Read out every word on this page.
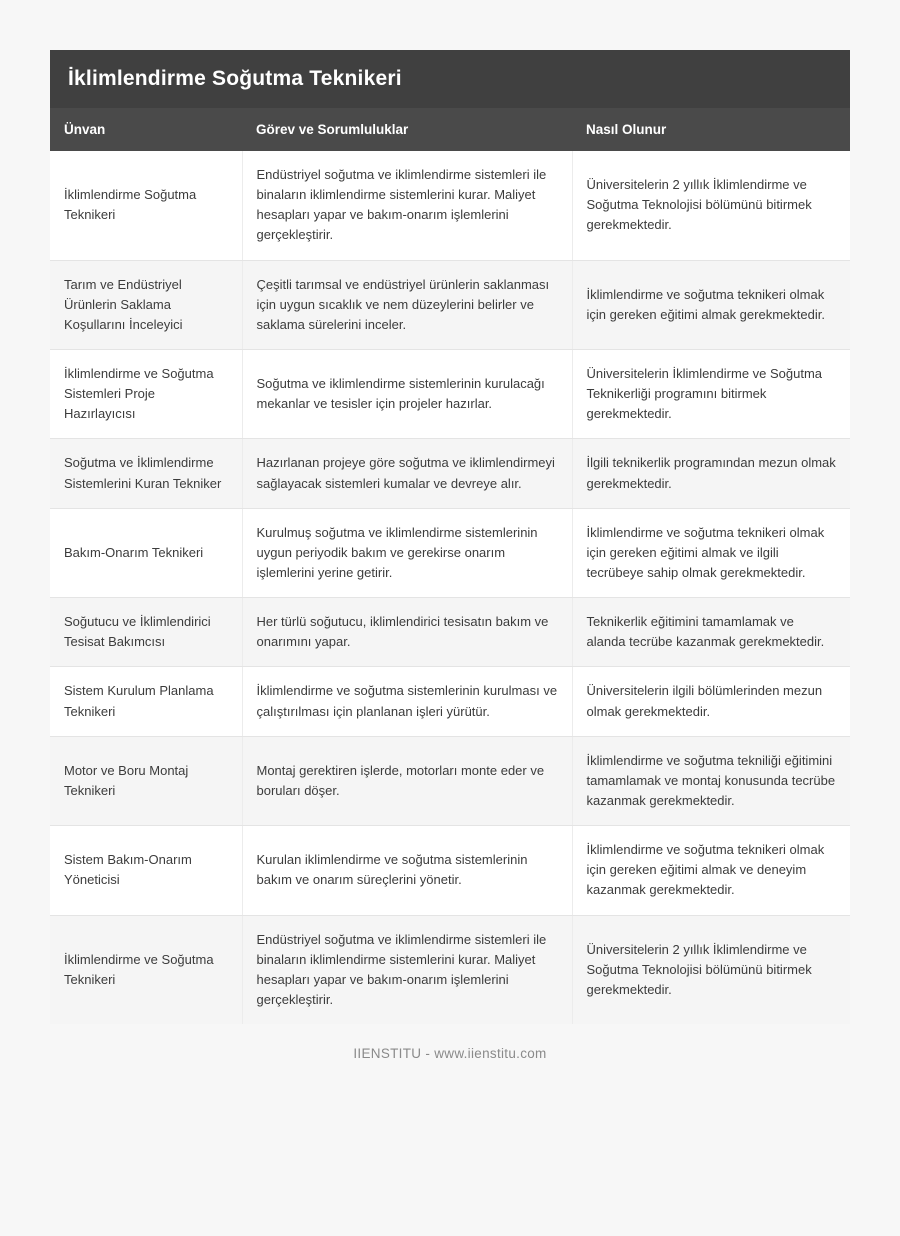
İklimlendirme Soğutma Teknikeri
Ünvan	Görev ve Sorumluluklar	Nasıl Olunur
İklimlendirme Soğutma Teknikeri	Endüstriyel soğutma ve iklimlendirme sistemleri ile binaların iklimlendirme sistemlerini kurar. Maliyet hesapları yapar ve bakım-onarım işlemlerini gerçekleştirir.	Üniversitelerin 2 yıllık İklimlendirme ve Soğutma Teknolojisi bölümünü bitirmek gerekmektedir.
Tarım ve Endüstriyel Ürünlerin Saklama Koşullarını İnceleyici	Çeşitli tarımsal ve endüstriyel ürünlerin saklanması için uygun sıcaklık ve nem düzeylerini belirler ve saklama sürelerini inceler.	İklimlendirme ve soğutma teknikeri olmak için gereken eğitimi almak gerekmektedir.
İklimlendirme ve Soğutma Sistemleri Proje Hazırlayıcısı	Soğutma ve iklimlendirme sistemlerinin kurulacağı mekanlar ve tesisler için projeler hazırlar.	Üniversitelerin İklimlendirme ve Soğutma Teknikerliği programını bitirmek gerekmektedir.
Soğutma ve İklimlendirme Sistemlerini Kuran Tekniker	Hazırlanan projeye göre soğutma ve iklimlendirmeyi sağlayacak sistemleri kumalar ve devreye alır.	İlgili teknikerlik programından mezun olmak gerekmektedir.
Bakım-Onarım Teknikeri	Kurulmuş soğutma ve iklimlendirme sistemlerinin uygun periyodik bakım ve gerekirse onarım işlemlerini yerine getirir.	İklimlendirme ve soğutma teknikeri olmak için gereken eğitimi almak ve ilgili tecrübeye sahip olmak gerekmektedir.
Soğutucu ve İklimlendirici Tesisat Bakımcısı	Her türlü soğutucu, iklimlendirici tesisatın bakım ve onarımını yapar.	Teknikerlik eğitimini tamamlamak ve alanda tecrübe kazanmak gerekmektedir.
Sistem Kurulum Planlama Teknikeri	İklimlendirme ve soğutma sistemlerinin kurulması ve çalıştırılması için planlanan işleri yürütür.	Üniversitelerin ilgili bölümlerinden mezun olmak gerekmektedir.
Motor ve Boru Montaj Teknikeri	Montaj gerektiren işlerde, motorları monte eder ve boruları döşer.	İklimlendirme ve soğutma tekniliği eğitimini tamamlamak ve montaj konusunda tecrübe kazanmak gerekmektedir.
Sistem Bakım-Onarım Yöneticisi	Kurulan iklimlendirme ve soğutma sistemlerinin bakım ve onarım süreçlerini yönetir.	İklimlendirme ve soğutma teknikeri olmak için gereken eğitimi almak ve deneyim kazanmak gerekmektedir.
İklimlendirme ve Soğutma Teknikeri	Endüstriyel soğutma ve iklimlendirme sistemleri ile binaların iklimlendirme sistemlerini kurar. Maliyet hesapları yapar ve bakım-onarım işlemlerini gerçekleştirir.	Üniversitelerin 2 yıllık İklimlendirme ve Soğutma Teknolojisi bölümünü bitirmek gerekmektedir.
IIENSTITU - www.iienstitu.com
